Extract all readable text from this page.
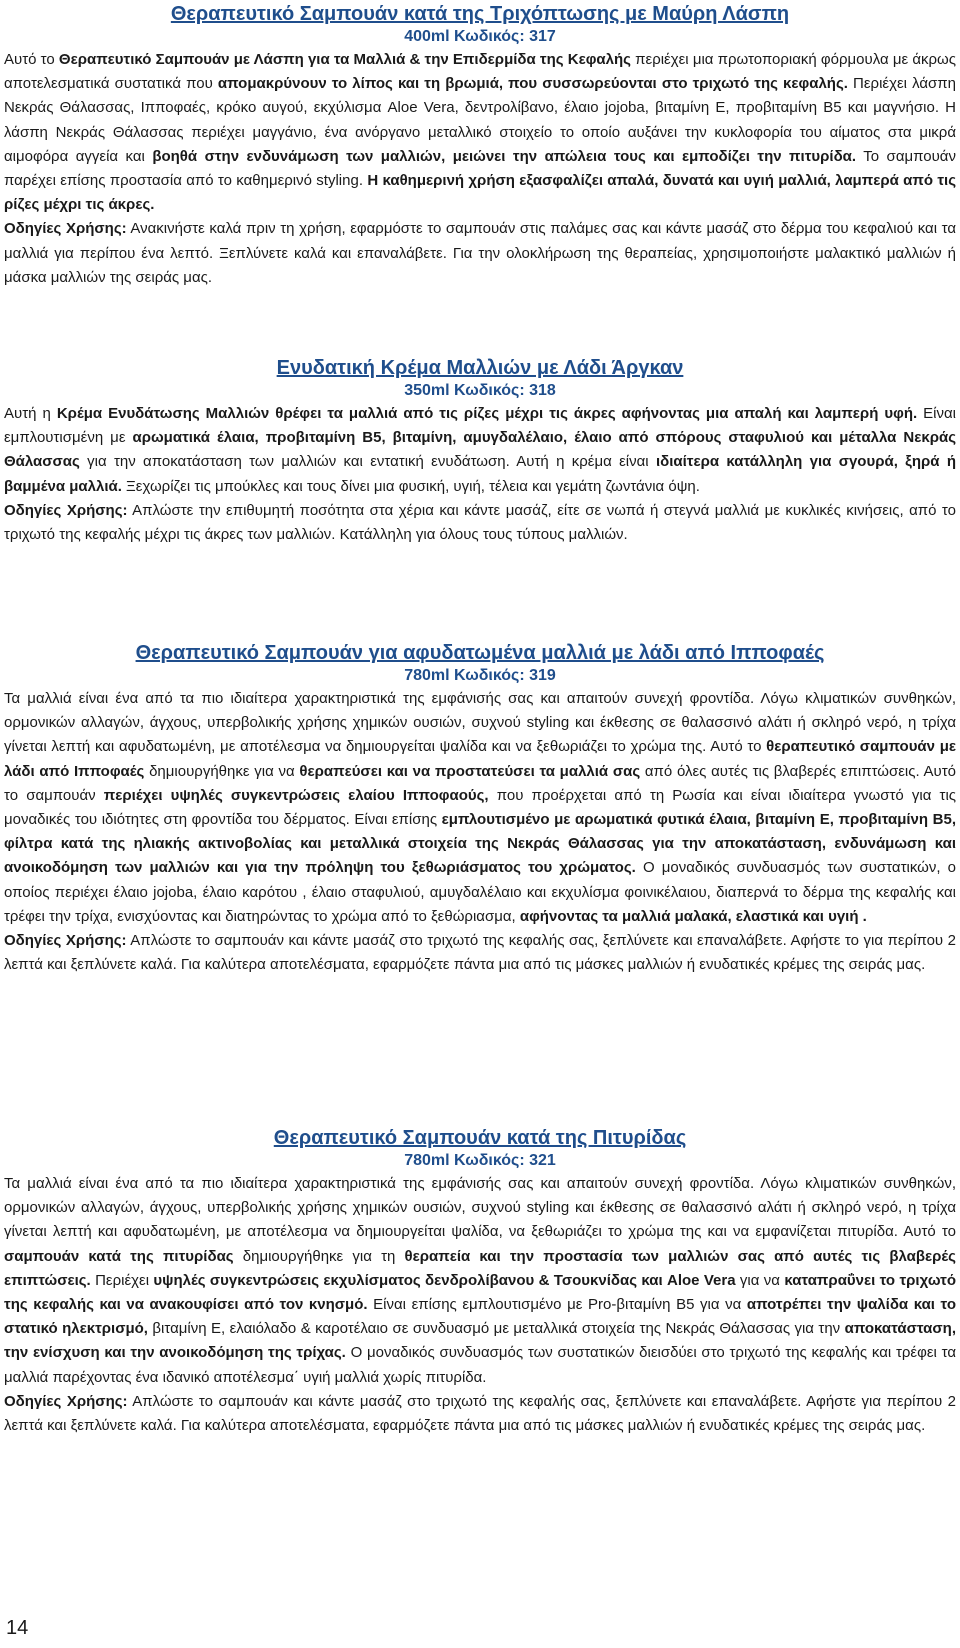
Θεραπευτικό Σαμπουάν κατά της Τριχόπτωσης με Μαύρη Λάσπη
400ml Κωδικός: 317

Αυτό το Θεραπευτικό Σαμπουάν με Λάσπη για τα Μαλλιά & την Επιδερμίδα της Κεφαλής περιέχει μια πρωτοποριακή φόρμουλα με άκρως αποτελεσματικά συστατικά που απομακρύνουν το λίπος και τη βρωμιά, που συσσωρεύονται στο τριχωτό της κεφαλής. Περιέχει λάσπη Νεκράς Θάλασσας, Ιπποφαές, κρόκο αυγού, εκχύλισμα Aloe Vera, δεντρολίβανο, έλαιο jojoba, βιταμίνη E, προβιταμίνη B5 και μαγνήσιο. Η λάσπη Νεκράς Θάλασσας περιέχει μαγγάνιο, ένα ανόργανο μεταλλικό στοιχείο το οποίο αυξάνει την κυκλοφορία του αίματος στα μικρά αιμοφόρα αγγεία και βοηθά στην ενδυνάμωση των μαλλιών, μειώνει την απώλεια τους και εμποδίζει την πιτυρίδα. Το σαμπουάν παρέχει επίσης προστασία από το καθημερινό styling. Η καθημερινή χρήση εξασφαλίζει απαλά, δυνατά και υγιή μαλλιά, λαμπερά από τις ρίζες μέχρι τις άκρες.

Οδηγίες Χρήσης: Ανακινήστε καλά πριν τη χρήση, εφαρμόστε το σαμπουάν στις παλάμες σας και κάντε μασάζ στο δέρμα του κεφαλιού και τα μαλλιά για περίπου ένα λεπτό. Ξεπλύνετε καλά και επαναλάβετε. Για την ολοκλήρωση της θεραπείας, χρησιμοποιήστε μαλακτικό μαλλιών ή μάσκα μαλλιών της σειράς μας.

Ενυδατική Κρέμα Μαλλιών με Λάδι Άργκαν
350ml Κωδικός: 318

Αυτή η Κρέμα Ενυδάτωσης Μαλλιών θρέφει τα μαλλιά από τις ρίζες μέχρι τις άκρες αφήνοντας μια απαλή και λαμπερή υφή. Είναι εμπλουτισμένη με αρωματικά έλαια, προβιταμίνη B5, βιταμίνη, αμυγδαλέλαιο, έλαιο από σπόρους σταφυλιού και μέταλλα Νεκράς Θάλασσας για την αποκατάσταση των μαλλιών και εντατική ενυδάτωση. Αυτή η κρέμα είναι ιδιαίτερα κατάλληλη για σγουρά, ξηρά ή βαμμένα μαλλιά. Ξεχωρίζει τις μπούκλες και τους δίνει μια φυσική, υγιή, τέλεια και γεμάτη ζωντάνια όψη.

Οδηγίες Χρήσης: Απλώστε την επιθυμητή ποσότητα στα χέρια και κάντε μασάζ, είτε σε νωπά ή στεγνά μαλλιά με κυκλικές κινήσεις, από το τριχωτό της κεφαλής μέχρι τις άκρες των μαλλιών. Κατάλληλη για όλους τους τύπους μαλλιών.

Θεραπευτικό Σαμπουάν για αφυδατωμένα μαλλιά με λάδι από Ιπποφαές
780ml Κωδικός: 319

Τα μαλλιά είναι ένα από τα πιο ιδιαίτερα χαρακτηριστικά της εμφάνισής σας και απαιτούν συνεχή φροντίδα. Λόγω κλιματικών συνθηκών, ορμονικών αλλαγών, άγχους, υπερβολικής χρήσης χημικών ουσιών, συχνού styling και έκθεσης σε θαλασσινό αλάτι ή σκληρό νερό, η τρίχα γίνεται λεπτή και αφυδατωμένη, με αποτέλεσμα να δημιουργείται ψαλίδα και να ξεθωριάζει το χρώμα της. Αυτό το θεραπευτικό σαμπουάν με λάδι από Ιπποφαές δημιουργήθηκε για να θεραπεύσει και να προστατεύσει τα μαλλιά σας από όλες αυτές τις βλαβερές επιπτώσεις. Αυτό το σαμπουάν περιέχει υψηλές συγκεντρώσεις ελαίου Ιπποφαούς, που προέρχεται από τη Ρωσία και είναι ιδιαίτερα γνωστό για τις μοναδικές του ιδιότητες στη φροντίδα του δέρματος. Είναι επίσης εμπλουτισμένο με αρωματικά φυτικά έλαια, βιταμίνη E, προβιταμίνη B5, φίλτρα κατά της ηλιακής ακτινοβολίας και μεταλλικά στοιχεία της Νεκράς Θάλασσας για την αποκατάσταση, ενδυνάμωση και ανοικοδόμηση των μαλλιών και για την πρόληψη του ξεθωριάσματος του χρώματος. Ο μοναδικός συνδυασμός των συστατικών, ο οποίος περιέχει έλαιο jojoba, έλαιο καρότου , έλαιο σταφυλιού, αμυγδαλέλαιο και εκχυλίσμα φοινικέλαιου, διαπερνά το δέρμα της κεφαλής και τρέφει την τρίχα, ενισχύοντας και διατηρώντας το χρώμα από το ξεθώριασμα, αφήνοντας τα μαλλιά μαλακά, ελαστικά και υγιή .

Οδηγίες Χρήσης: Απλώστε το σαμπουάν και κάντε μασάζ στο τριχωτό της κεφαλής σας, ξεπλύνετε και επαναλάβετε. Αφήστε το για περίπου 2 λεπτά και ξεπλύνετε καλά. Για καλύτερα αποτελέσματα, εφαρμόζετε πάντα μια από τις μάσκες μαλλιών ή ενυδατικές κρέμες της σειράς μας.

Θεραπευτικό Σαμπουάν κατά της Πιτυρίδας
780ml Κωδικός: 321

Τα μαλλιά είναι ένα από τα πιο ιδιαίτερα χαρακτηριστικά της εμφάνισής σας και απαιτούν συνεχή φροντίδα. Λόγω κλιματικών συνθηκών, ορμονικών αλλαγών, άγχους, υπερβολικής χρήσης χημικών ουσιών, συχνού styling και έκθεσης σε θαλασσινό αλάτι ή σκληρό νερό, η τρίχα γίνεται λεπτή και αφυδατωμένη, με αποτέλεσμα να δημιουργείται ψαλίδα, να ξεθωριάζει το χρώμα της και να εμφανίζεται πιτυρίδα. Αυτό το σαμπουάν κατά της πιτυρίδας δημιουργήθηκε για τη θεραπεία και την προστασία των μαλλιών σας από αυτές τις βλαβερές επιπτώσεις. Περιέχει υψηλές συγκεντρώσεις εκχυλίσματος δενδρολίβανου & Τσουκνίδας και Aloe Vera για να καταπραΰνει το τριχωτό της κεφαλής και να ανακουφίσει από τον κνησμό. Είναι επίσης εμπλουτισμένο με Pro-βιταμίνη B5 για να αποτρέπει την ψαλίδα και το στατικό ηλεκτρισμό, βιταμίνη E, ελαιόλαδο & καροτέλαιο σε συνδυασμό με μεταλλικά στοιχεία της Νεκράς Θάλασσας για την αποκατάσταση, την ενίσχυση και την ανοικοδόμηση της τρίχας. Ο μοναδικός συνδυασμός των συστατικών διεισδύει στο τριχωτό της κεφαλής και τρέφει τα μαλλιά παρέχοντας ένα ιδανικό αποτέλεσμα΄ υγιή μαλλιά χωρίς πιτυρίδα.

Οδηγίες Χρήσης: Απλώστε το σαμπουάν και κάντε μασάζ στο τριχωτό της κεφαλής σας, ξεπλύνετε και επαναλάβετε. Αφήστε για περίπου 2 λεπτά και ξεπλύνετε καλά. Για καλύτερα αποτελέσματα, εφαρμόζετε πάντα μια από τις μάσκες μαλλιών ή ενυδατικές κρέμες της σειράς μας.

14
